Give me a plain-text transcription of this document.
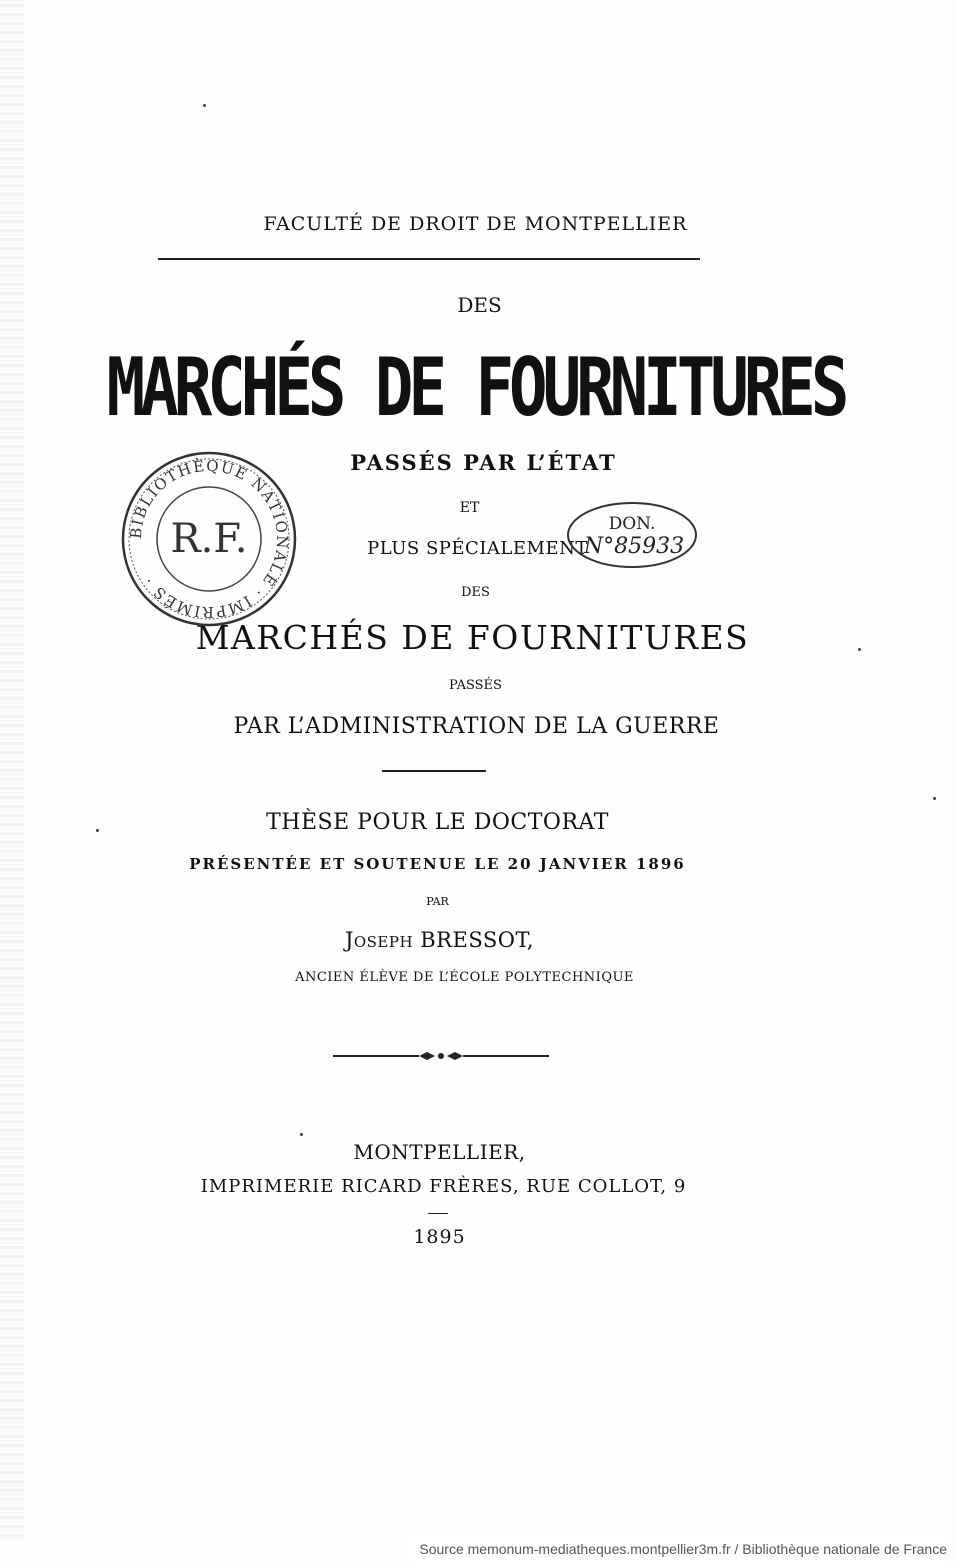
FACULTÉ DE DROIT DE MONTPELLIER
DES
MARCHÉS DE FOURNITURES
PASSÉS PAR L’ÉTAT
ET
PLUS SPÉCIALEMENT
DES
MARCHÉS DE FOURNITURES
PASSÉS
PAR L’ADMINISTRATION DE LA GUERRE
THÈSE POUR LE DOCTORAT
PRÉSENTÉE ET SOUTENUE LE 20 JANVIER 1896
PAR
JOSEPH BRESSOT,
ANCIEN ÉLÈVE DE L’ÉCOLE POLYTECHNIQUE
MONTPELLIER,
IMPRIMERIE RICARD FRÈRES, RUE COLLOT, 9
1895
BIBLIOTHÈQUE NATIONALE · IMPRIMÉS ·
R.F.	DON.
N°85933
Source memonum-mediatheques.montpellier3m.fr / Bibliothèque nationale de France
